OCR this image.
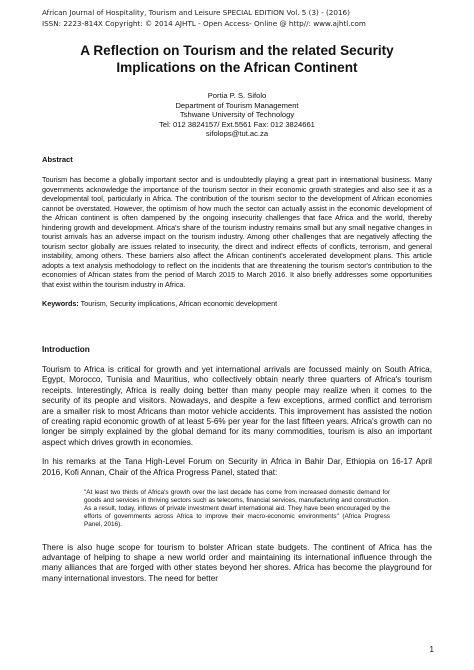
African Journal of Hospitality, Tourism and Leisure SPECIAL EDITION Vol. 5 (3) - (2016)
ISSN: 2223-814X Copyright: © 2014 AJHTL - Open Access- Online @ http//: www.ajhtl.com
A Reflection on Tourism and the related Security Implications on the African Continent
Portia P. S. Sifolo
Department of Tourism Management
Tshwane University of Technology
Tel: 012 3824157/ Ext.5561 Fax: 012 3824661
sifolops@tut.ac.za
Abstract

Tourism has become a globally important sector and is undoubtedly playing a great part in international business. Many governments acknowledge the importance of the tourism sector in their economic growth strategies and also see it as a developmental tool, particularly in Africa. The contribution of the tourism sector to the development of African economies cannot be overstated. However, the optimism of how much the sector can actually assist in the economic development of the African continent is often dampened by the ongoing insecurity challenges that face Africa and the world, thereby hindering growth and development. Africa's share of the tourism industry remains small but any small negative changes in tourist arrivals has an adverse impact on the tourism industry. Among other challenges that are negatively affecting the tourism sector globally are issues related to insecurity, the direct and indirect effects of conflicts, terrorism, and general instability, among others. These barriers also affect the African continent's accelerated development plans. This article adopts a text analysis methodology to reflect on the incidents that are threatening the tourism sector's contribution to the economies of African states from the period of March 2015 to March 2016. It also briefly addresses some opportunities that exist within the tourism industry in Africa.

Keywords: Tourism, Security implications, African economic development
Introduction

Tourism to Africa is critical for growth and yet international arrivals are focussed mainly on South Africa, Egypt, Morocco, Tunisia and Mauritius, who collectively obtain nearly three quarters of Africa's tourism receipts. Interestingly, Africa is really doing better than many people may realize when it comes to the security of its people and visitors. Nowadays, and despite a few exceptions, armed conflict and terrorism are a smaller risk to most Africans than motor vehicle accidents. This improvement has assisted the notion of creating rapid economic growth of at least 5-6% per year for the last fifteen years. Africa's growth can no longer be simply explained by the global demand for its many commodities, tourism is also an important aspect which drives growth in economies.

In his remarks at the Tana High-Level Forum on Security in Africa in Bahir Dar, Ethiopia on 16-17 April 2016, Kofi Annan, Chair of the Africa Progress Panel, stated that:

"At least two thirds of Africa's growth over the last decade has come from increased domestic demand for goods and services in thriving sectors such as telecoms, financial services, manufacturing and construction. As a result, today, inflows of private investment dwarf international aid. They have been encouraged by the efforts of governments across Africa to improve their macro-economic environments" (Africa Progress Panel, 2016).

There is also huge scope for tourism to bolster African state budgets. The continent of Africa has the advantage of helping to shape a new world order and maintaining its international influence through the many alliances that are forged with other states beyond her shores. Africa has become the playground for many international investors. The need for better

1
